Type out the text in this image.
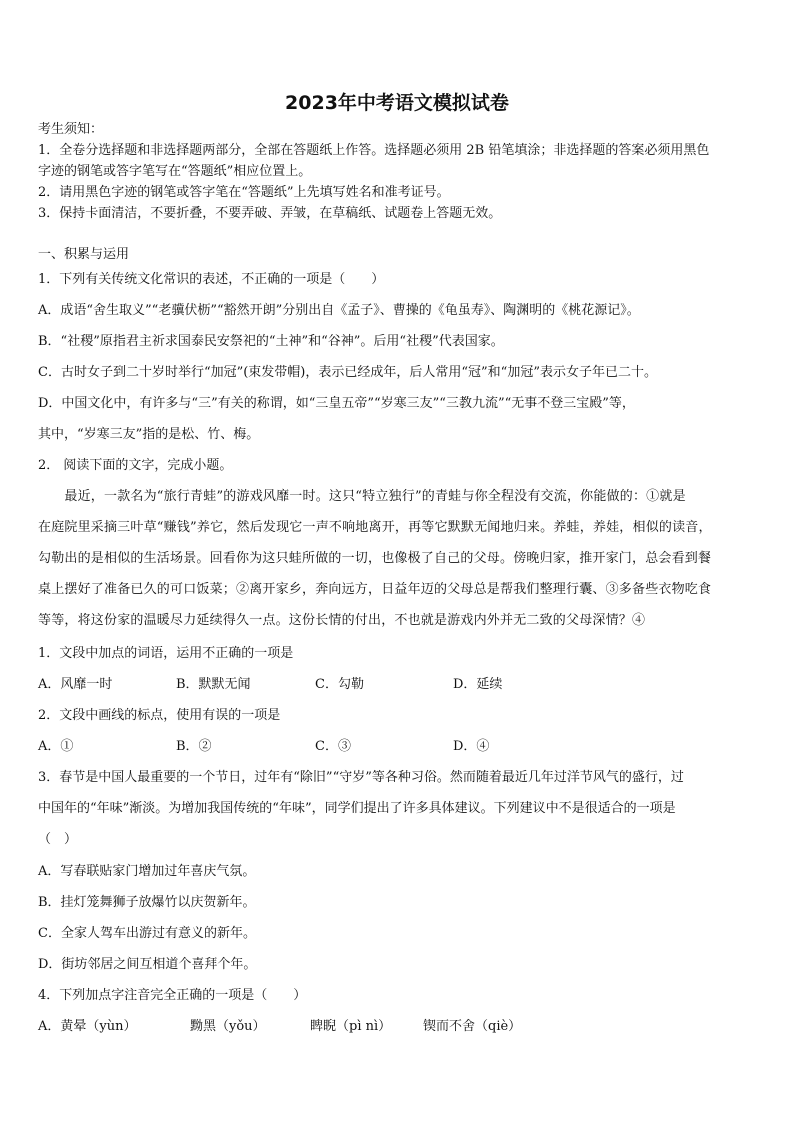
2023年中考语文模拟试卷
考生须知：
1．全卷分选择题和非选择题两部分，全部在答题纸上作答。选择题必须用 2B 铅笔填涂；非选择题的答案必须用黑色
字迹的钢笔或答字笔写在“答题纸”相应位置上。
2．请用黑色字迹的钢笔或答字笔在“答题纸”上先填写姓名和准考证号。
3．保持卡面清洁，不要折叠，不要弄破、弄皱，在草稿纸、试题卷上答题无效。
一、积累与运用
1．下列有关传统文化常识的表述，不正确的一项是（　　）
A．成语“舍生取义”“老骥伏枥”“豁然开朗”分别出自《孟子》、曹操的《龟虽寿》、陶渊明的《桃花源记》。
B．“社稷”原指君主祈求国泰民安祭祀的“土神”和“谷神”。后用“社稷”代表国家。
C．古时女子到二十岁时举行“加冠”(束发带帽)，表示已经成年，后人常用“冠”和“加冠”表示女子年已二十。
D．中国文化中，有许多与“三”有关的称谓，如“三皇五帝”“岁寒三友”“三教九流”“无事不登三宝殿”等，
其中，“岁寒三友”指的是松、竹、梅。
2． 阅读下面的文字，完成小题。
　　最近，一款名为“旅行青蛙”的游戏风靡一时。这只“特立独行”的青蛙与你全程没有交流，你能做的：①就是
在庭院里采摘三叶草“赚钱”养它，然后发现它一声不响地离开，再等它默默无闻地归来。养蛙，养娃，相似的读音，
勾勒出的是相似的生活场景。回看你为这只蛙所做的一切，也像极了自己的父母。傍晚归家，推开家门，总会看到餐
桌上摆好了准备已久的可口饭菜；②离开家乡，奔向远方，日益年迈的父母总是帮我们整理行囊、③多备些衣物吃食
等等，将这份家的温暖尽力延续得久一点。这份长情的付出，不也就是游戏内外并无二致的父母深情？④
1．文段中加点的词语，运用不正确的一项是
A．风靡一时	B．默默无闻	C．勾勒	D．延续
2．文段中画线的标点，使用有误的一项是
A．①	B．②	C．③	D．④
3．春节是中国人最重要的一个节日，过年有“除旧”“守岁”等各种习俗。然而随着最近几年过洋节风气的盛行，过
中国年的“年味”渐淡。为增加我国传统的“年味”，同学们提出了许多具体建议。下列建议中不是很适合的一项是
（　）
A．写春联贴家门增加过年喜庆气氛。
B．挂灯笼舞狮子放爆竹以庆贺新年。
C．全家人驾车出游过有意义的新年。
D．街坊邻居之间互相道个喜拜个年。
4．下列加点字注音完全正确的一项是（　　）
A．黄晕（yùn）	黝黑（yǒu）	睥睨（pì nì） 锲而不舍（qiè）
